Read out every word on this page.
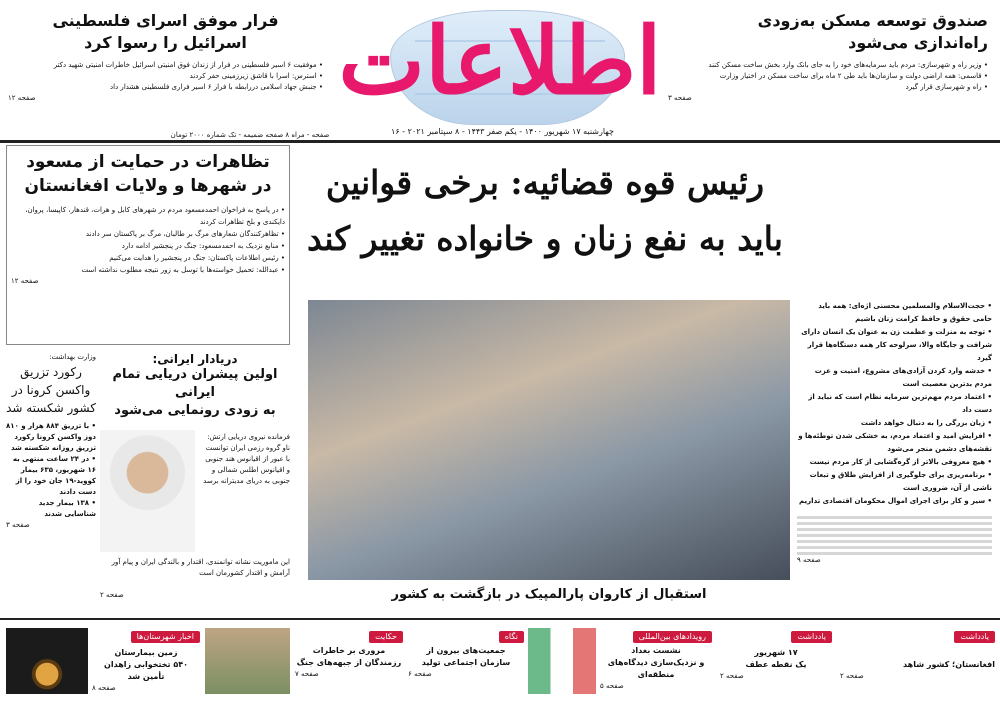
اطلاعات
چهارشنبه ۱۷ شهریور ۱۴۰۰ - یکم صفر ۱۴۴۳ - ۸ سپتامبر ۲۰۲۱ - ۱۶
صفحه - مراه ۸ صفحه ضمیمه - تک شماره ۲۰۰۰ تومان
صندوق توسعه مسکن به‌زودی
راه‌اندازی می‌شود
• وزیر راه و شهرسازی: مردم باید سرمایه‌های خود را به جای بانک وارد بخش ساخت مسکن کنند
• قاسمی: همه اراضی دولت و سازمان‌ها باید طی ۲ ماه برای ساخت مسکن در اختیار وزارت
• راه و شهرسازی قرار گیرد
صفحه ۳
فرار موفق اسرای فلسطینی
اسرائیل را رسوا کرد
• موفقیت ۶ اسیر فلسطینی در فرار از زندان فوق امنیتی اسرائیل خاطرات امنیتی شهید دکتر
• استرس: اسرا با قاشق زیرزمینی حفر کردند
• جنبش جهاد اسلامی دررابطه با فرار ۶ اسیر فراری فلسطینی هشدار داد
صفحه ۱۲
رئیس قوه قضائیه: برخی قوانین
باید به نفع زنان و خانواده تغییر کند
استقبال از کاروان پارالمپیک در بازگشت به کشور
• حجت‌الاسلام والمسلمین محسنی اژه‌ای: همه باید حامی حقوق و حافظ کرامت زنان باشیم
• توجه به منزلت و عظمت زن به عنوان یک انسان دارای شرافت و جایگاه والا، سرلوحه کار همه دستگاه‌ها قرار گیرد
• خدشه وارد کردن آزادی‌های مشروع، امنیت و عزت مردم بدترین معصیت است
• اعتماد مردم مهم‌ترین سرمایه نظام است که نباید از دست داد
• زبان بزرگی را به دنبال خواهد داشت
• افزایش امید و اعتماد مردم، به خشکی شدن توطئه‌ها و نقشه‌های دشمن منجر می‌شود
• هیچ معروفی بالاتر از گره‌گشایی از کار مردم نیست
• برنامه‌ریزی برای جلوگیری از افزایش طلاق و تبعات ناشی از آن، ضروری است
• سیر و کار برای اجرای اموال محکومان اقتصادی تداریم
صفحه ۹
تظاهرات در حمایت از مسعود
در شهرها و ولایات افغانستان
• در پاسخ به فراخوان احمدمسعود مردم در شهرهای کابل و هرات، قندهار، کاپیسا، پروان، دایکندی و بلخ تظاهرات کردند
• تظاهرکنندگان شعارهای مرگ بر طالبان، مرگ بر پاکستان سر دادند
• منابع نزدیک به احمدمسعود: جنگ در پنجشیر ادامه دارد
• رئیس اطلاعات پاکستان: جنگ در پنجشیر را هدایت می‌کنیم
• عبدالله: تحمیل خواسته‌ها با توسل به زور نتیجه مطلوب نداشته است
صفحه ۱۲
دریادار ایرانی:
اولین پیشران دریایی تمام ایرانی
به زودی رونمایی می‌شود
فرمانده نیروی دریایی ارتش: ناو گروه رزمی ایران توانست با عبور از اقیانوس هند جنوبی و اقیانوس اطلس شمالی و جنوبی به دریای مدیترانه برسد
این ماموریت نشانه توانمندی، اقتدار و بالندگی ایران و پیام آور آرامش و اقتدار کشورمان است
صفحه ۲
وزارت بهداشت:
رکورد تزریق واکسن کرونا در کشور شکسته شد
• با تزریق ۸۸۴ هزار و ۸۱۰ دوز واکسن کرونا رکورد تزریق روزانه شکسته شد
• در ۲۴ ساعت منتهی به ۱۶ شهریور، ۶۳۵ بیمار کووید-۱۹ جان خود را از دست دادند
• ۱۳۸ بیمار جدید شناسایی شدند
صفحه ۳
یادداشت
افغانستان؛ کشور شاهد
صفحه ۲
یادداشت
۱۷ شهریور
یک نقطه عطف
صفحه ۲
رویدادهای بین‌المللی
نشست بغداد
و نزدیک‌سازی دیدگاه‌های منطقه‌ای
صفحه ۵
نگاه
جمعیت‌های بیرون از
سازمان اجتماعی تولید
صفحه ۶
حکایت
مروری بر خاطرات
رزمندگان از جبهه‌های جنگ
صفحه ۷
اخبار شهرستان‌ها
زمین بیمارستان
۵۴۰ تختخوابی زاهدان تأمین شد
صفحه ۸
